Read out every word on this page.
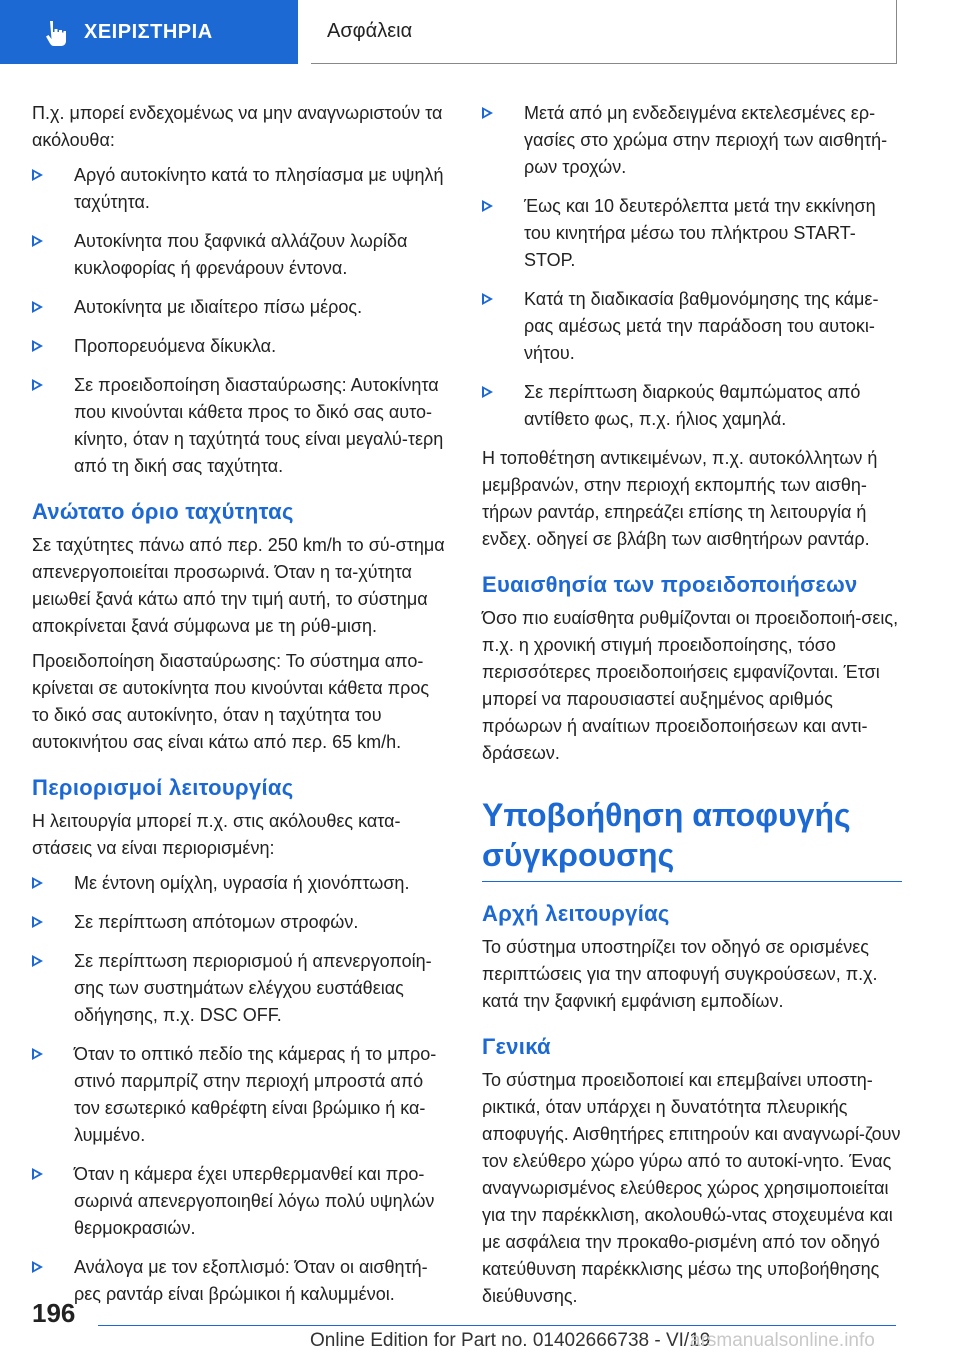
ΧΕΙΡΙΣΤΗΡΙΑ	Ασφάλεια

Π.χ. μπορεί ενδεχομένως να μην αναγνωριστούν τα ακόλουθα:

Αργό αυτοκίνητο κατά το πλησίασμα με υψηλή ταχύτητα.
Αυτοκίνητα που ξαφνικά αλλάζουν λωρίδα κυκλοφορίας ή φρενάρουν έντονα.
Αυτοκίνητα με ιδιαίτερο πίσω μέρος.
Προπορευόμενα δίκυκλα.
Σε προειδοποίηση διασταύρωσης: Αυτοκίνητα που κινούνται κάθετα προς το δικό σας αυτο-κίνητο, όταν η ταχύτητά τους είναι μεγαλύ-τερη από τη δική σας ταχύτητα.
Ανώτατο όριο ταχύτητας

Σε ταχύτητες πάνω από περ. 250 km/h το σύ-στημα απενεργοποιείται προσωρινά. Όταν η τα-χύτητα μειωθεί ξανά κάτω από την τιμή αυτή, το σύστημα αποκρίνεται ξανά σύμφωνα με τη ρύθ-μιση.

Προειδοποίηση διασταύρωσης: Το σύστημα απο-κρίνεται σε αυτοκίνητα που κινούνται κάθετα προς το δικό σας αυτοκίνητο, όταν η ταχύτητα του αυτοκινήτου σας είναι κάτω από περ. 65 km/h.

Περιορισμοί λειτουργίας

Η λειτουργία μπορεί π.χ. στις ακόλουθες κατα-στάσεις να είναι περιορισμένη:

Με έντονη ομίχλη, υγρασία ή χιονόπτωση.
Σε περίπτωση απότομων στροφών.
Σε περίπτωση περιορισμού ή απενεργοποίη-σης των συστημάτων ελέγχου ευστάθειας οδήγησης, π.χ. DSC OFF.
Όταν το οπτικό πεδίο της κάμερας ή το μπρο-στινό παρμπρίζ στην περιοχή μπροστά από τον εσωτερικό καθρέφτη είναι βρώμικο ή κα-λυμμένο.
Όταν η κάμερα έχει υπερθερμανθεί και προ-σωρινά απενεργοποιηθεί λόγω πολύ υψηλών θερμοκρασιών.
Ανάλογα με τον εξοπλισμό: Όταν οι αισθητή-ρες ραντάρ είναι βρώμικοι ή καλυμμένοι.
Μετά από μη ενδεδειγμένα εκτελεσμένες ερ-γασίες στο χρώμα στην περιοχή των αισθητή-ρων τροχών.
Έως και 10 δευτερόλεπτα μετά την εκκίνηση του κινητήρα μέσω του πλήκτρου START-STOP.
Κατά τη διαδικασία βαθμονόμησης της κάμε-ρας αμέσως μετά την παράδοση του αυτοκι-νήτου.
Σε περίπτωση διαρκούς θαμπώματος από αντίθετο φως, π.χ. ήλιος χαμηλά.

Η τοποθέτηση αντικειμένων, π.χ. αυτοκόλλητων ή μεμβρανών, στην περιοχή εκπομπής των αισθη-τήρων ραντάρ, επηρεάζει επίσης τη λειτουργία ή ενδεχ. οδηγεί σε βλάβη των αισθητήρων ραντάρ.

Ευαισθησία των προειδοποιήσεων

Όσο πιο ευαίσθητα ρυθμίζονται οι προειδοποιή-σεις, π.χ. η χρονική στιγμή προειδοποίησης, τόσο περισσότερες προειδοποιήσεις εμφανίζονται. Έτσι μπορεί να παρουσιαστεί αυξημένος αριθμός πρόωρων ή αναίτιων προειδοποιήσεων και αντι-δράσεων.

Υποβοήθηση αποφυγής σύγκρουσης
Αρχή λειτουργίας

Το σύστημα υποστηρίζει τον οδηγό σε ορισμένες περιπτώσεις για την αποφυγή συγκρούσεων, π.χ. κατά την ξαφνική εμφάνιση εμποδίων.

Γενικά

Το σύστημα προειδοποιεί και επεμβαίνει υποστη-ρικτικά, όταν υπάρχει η δυνατότητα πλευρικής αποφυγής. Αισθητήρες επιτηρούν και αναγνωρί-ζουν τον ελεύθερο χώρο γύρω από το αυτοκί-νητο. Ένας αναγνωρισμένος ελεύθερος χώρος χρησιμοποιείται για την παρέκκλιση, ακολουθώ-ντας στοχευμένα και με ασφάλεια την προκαθο-ρισμένη από τον οδηγό κατεύθυνση παρέκκλισης μέσω της υποβοήθησης διεύθυνσης.

196
Online Edition for Part no. 01402666738 - VI/19
arsmanualsonline.info
